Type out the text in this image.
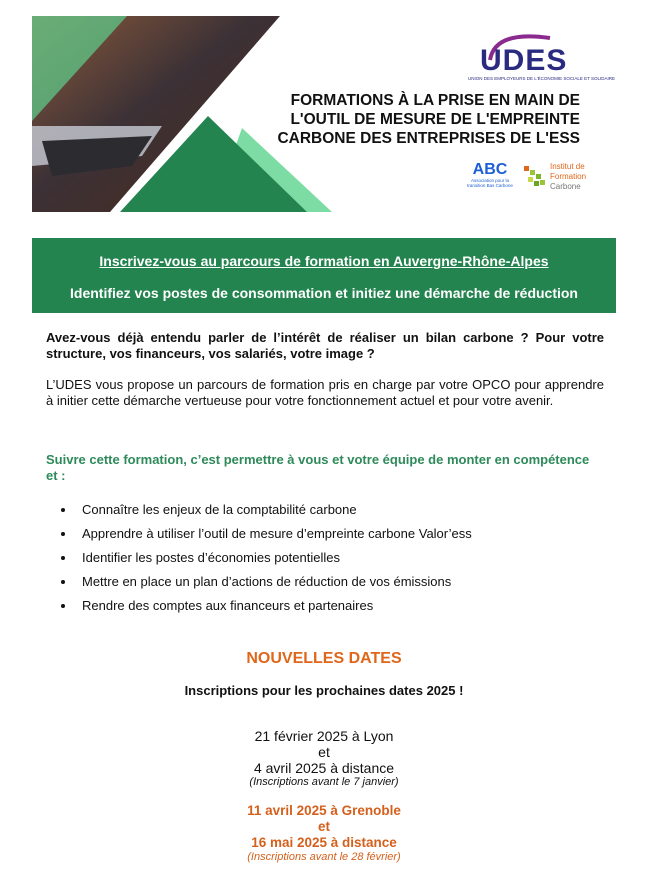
UDES
UNION DES EMPLOYEURS DE L'ÉCONOMIE SOCIALE ET SOLIDAIRE
FORMATIONS À LA PRISE EN MAIN DE
L'OUTIL DE MESURE DE L'EMPREINTE
CARBONE DES ENTREPRISES DE L'ESS
ABC
Association pour la transition Bas Carbone
Institut de
Formation
Carbone
Inscrivez-vous au parcours de formation en Auvergne-Rhône-Alpes
Identifiez vos postes de consommation et initiez une démarche de réduction
Avez-vous déjà entendu parler de l’intérêt de réaliser un bilan carbone ? Pour votre structure, vos financeurs, vos salariés, votre image ?
L’UDES vous propose un parcours de formation pris en charge par votre OPCO pour apprendre à initier cette démarche vertueuse pour votre fonctionnement actuel et pour votre avenir.
Suivre cette formation, c’est permettre à vous et votre équipe de monter en compétence et :
Connaître les enjeux de la comptabilité carbone
Apprendre à utiliser l’outil de mesure d’empreinte carbone Valor’ess
Identifier les postes d’économies potentielles
Mettre en place un plan d’actions de réduction de vos émissions
Rendre des comptes aux financeurs et partenaires
NOUVELLES DATES
Inscriptions pour les prochaines dates 2025 !
21 février 2025 à Lyon
et
4 avril 2025 à distance
(Inscriptions avant le 7 janvier)
11 avril 2025 à Grenoble
et
16 mai 2025 à distance
(Inscriptions avant le 28 février)
